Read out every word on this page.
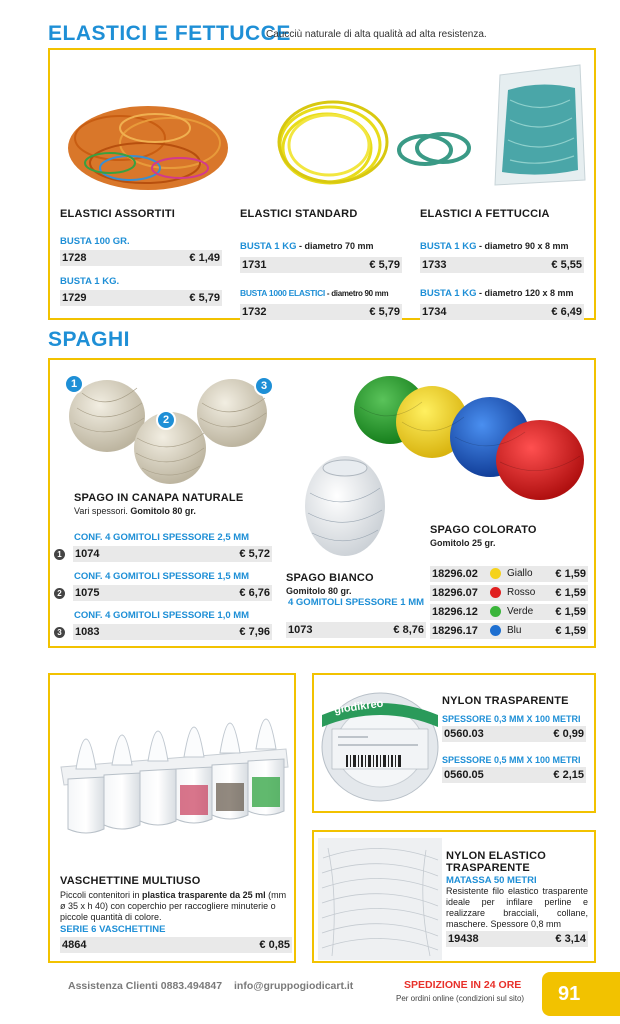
ELASTICI E FETTUCCE
Caucciù naturale di alta qualità ad alta resistenza.
ELASTICI ASSORTITI
BUSTA 100 GR.
1728	€ 1,49
BUSTA 1 KG.
1729	€ 5,79
ELASTICI STANDARD
BUSTA 1 KG - diametro 70 mm
1731	€ 5,79
BUSTA 1000 ELASTICI - diametro 90 mm
1732	€ 5,79
ELASTICI A FETTUCCIA
BUSTA 1 KG - diametro 90 x 8 mm
1733	€ 5,55
BUSTA 1 KG - diametro 120 x 8 mm
1734	€ 6,49
SPAGHI
1
2
3
SPAGO IN CANAPA NATURALE
Vari spessori. Gomitolo 80 gr.
CONF. 4 GOMITOLI SPESSORE 2,5 MM
1 1074	€ 5,72
CONF. 4 GOMITOLI SPESSORE 1,5 MM
2 1075	€ 6,76
CONF. 4 GOMITOLI SPESSORE 1,0 MM
3 1083	€ 7,96
SPAGO BIANCO
Gomitolo 80 gr.
4 GOMITOLI SPESSORE 1 MM
1073	€ 8,76
SPAGO COLORATO
Gomitolo 25 gr.
18296.02	Giallo	€ 1,59
18296.07	Rosso	€ 1,59
18296.12	Verde	€ 1,59
18296.17	Blu	€ 1,59
VASCHETTINE MULTIUSO
Piccoli contenitori in plastica trasparente da 25 ml (mm ø 35 x h 40) con coperchio per raccogliere minuterie o piccole quantità di colore.
SERIE 6 VASCHETTINE
4864	€ 0,85
giodikreo	NYLON TRASPARENTE
SPESSORE 0,3 MM X 100 METRI
0560.03	€ 0,99
SPESSORE 0,5 MM X 100 METRI
0560.05	€ 2,15
NYLON ELASTICO
TRASPARENTE
MATASSA 50 METRI
Resistente filo elastico trasparente ideale per infilare perline e realizzare bracciali, collane, maschere. Spessore 0,8 mm
19438	€ 3,14
Assistenza Clienti 0883.494847 info@gruppogiodicart.it	SPEDIZIONE IN 24 ORE
Per ordini online (condizioni sul sito) 91
